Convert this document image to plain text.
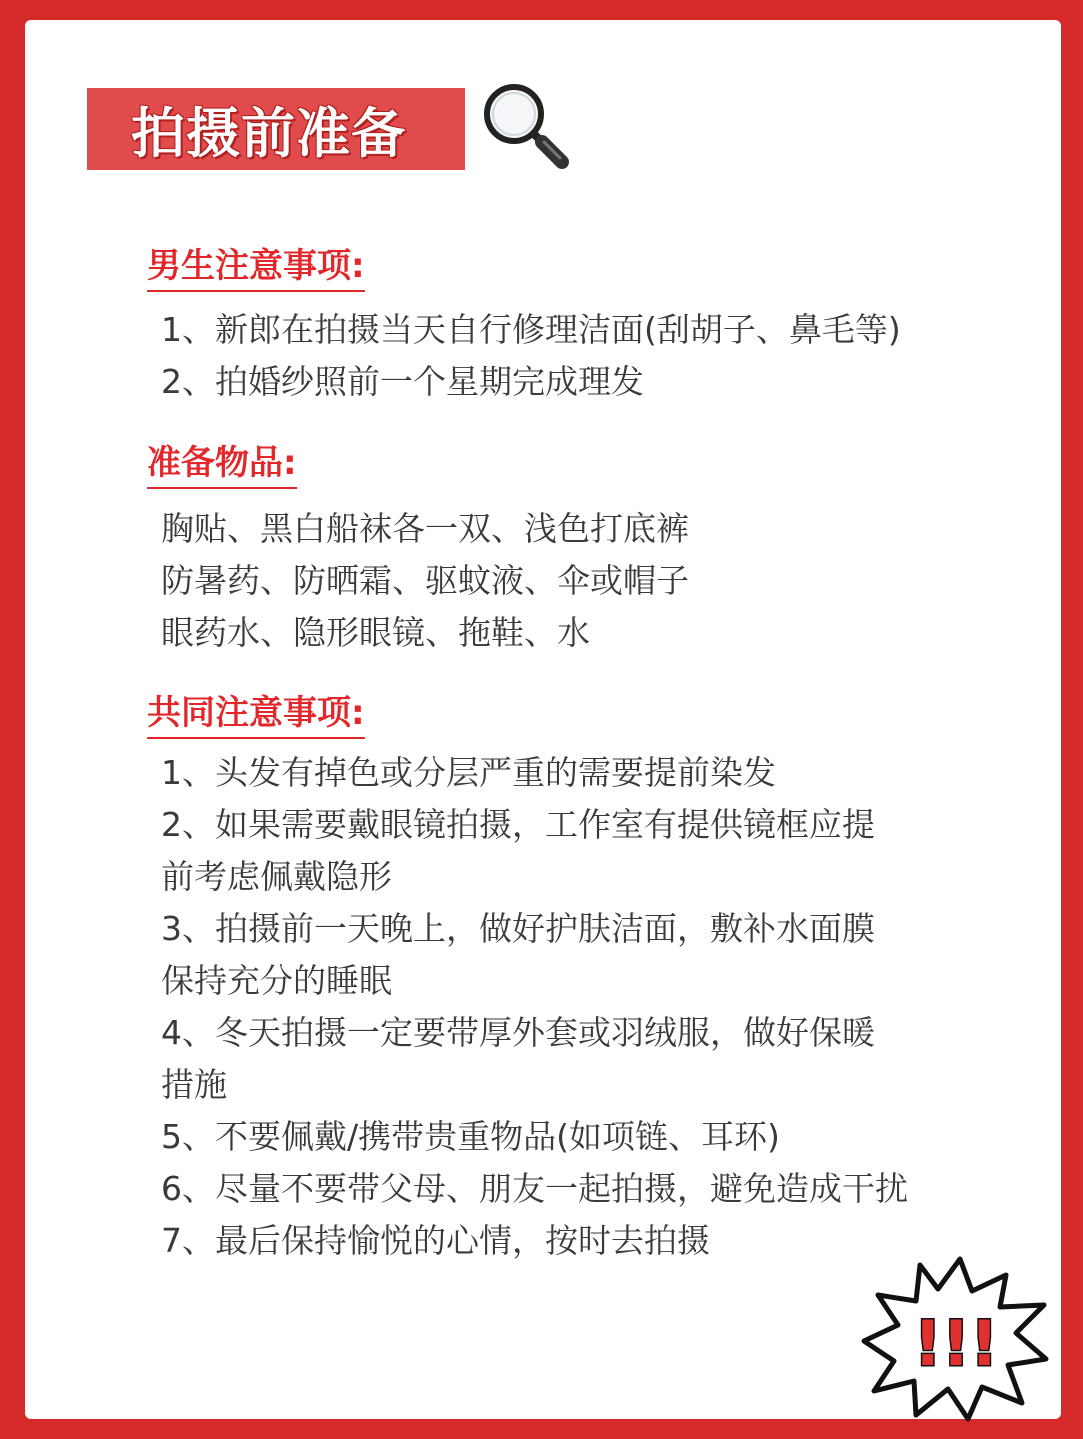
拍摄前准备
男生注意事项:
1、新郎在拍摄当天自行修理洁面(刮胡子、鼻毛等)
2、拍婚纱照前一个星期完成理发
准备物品:
胸贴、黑白船袜各一双、浅色打底裤
防暑药、防晒霜、驱蚊液、伞或帽子
眼药水、隐形眼镜、拖鞋、水
共同注意事项:
1、头发有掉色或分层严重的需要提前染发
2、如果需要戴眼镜拍摄，工作室有提供镜框应提
前考虑佩戴隐形
3、拍摄前一天晚上，做好护肤洁面，敷补水面膜
保持充分的睡眠
4、冬天拍摄一定要带厚外套或羽绒服，做好保暖
措施
5、不要佩戴/携带贵重物品(如项链、耳环)
6、尽量不要带父母、朋友一起拍摄，避免造成干扰
7、最后保持愉悦的心情，按时去拍摄
!!!
